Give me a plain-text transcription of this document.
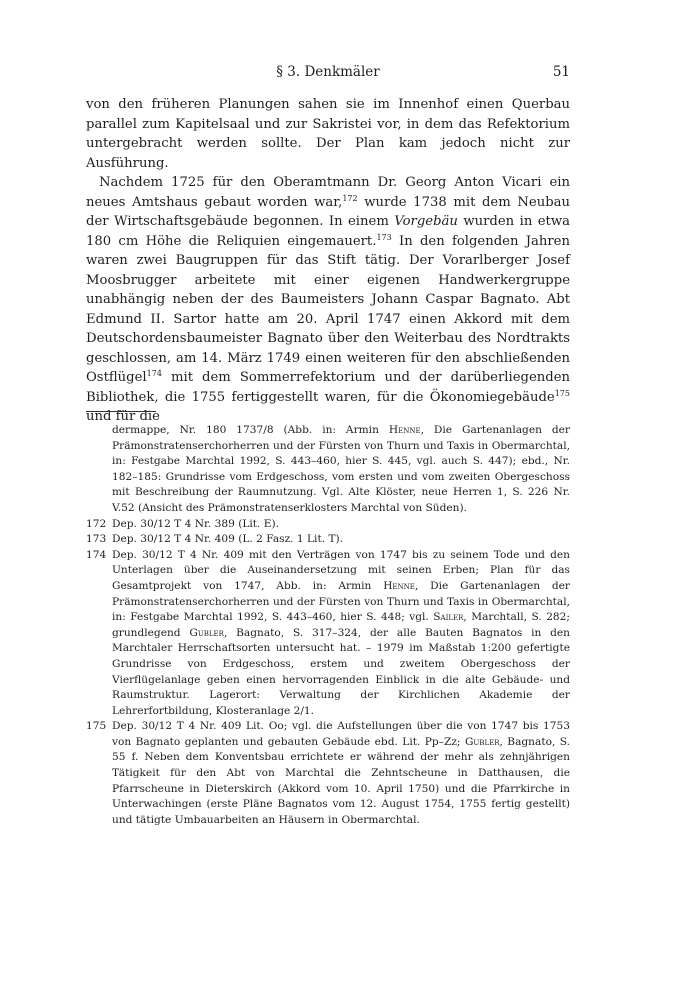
§ 3. Denkmäler	51

von den früheren Planungen sahen sie im Innenhof einen Querbau parallel zum Kapitelsaal und zur Sakristei vor, in dem das Refektorium untergebracht werden sollte. Der Plan kam jedoch nicht zur Ausführung.

Nachdem 1725 für den Oberamtmann Dr. Georg Anton Vicari ein neues Amtshaus gebaut worden war,$^{172}$ wurde 1738 mit dem Neubau der Wirtschaftsgebäude begonnen. In einem Vorgebäu wurden in etwa 180 cm Höhe die Reliquien eingemauert.$^{173}$ In den folgenden Jahren waren zwei Baugruppen für das Stift tätig. Der Vorarlberger Josef Moosbrugger arbeitete mit einer eigenen Handwerkergruppe unabhängig neben der des Baumeisters Johann Caspar Bagnato. Abt Edmund II. Sartor hatte am 20. April 1747 einen Akkord mit dem Deutschordensbaumeister Bagnato über den Weiterbau des Nordtrakts geschlossen, am 14. März 1749 einen weiteren für den abschließenden Ostflügel$^{174}$ mit dem Sommerrefektorium und der darüberliegenden Bibliothek, die 1755 fertiggestellt waren, für die Ökonomiegebäude$^{175}$ und für die

dermappe, Nr. 180 1737/8 (Abb. in: Armin Henne, Die Gartenanlagen der Prämonstratenserchorherren und der Fürsten von Thurn und Taxis in Obermarchtal, in: Festgabe Marchtal 1992, S. 443–460, hier S. 445, vgl. auch S. 447); ebd., Nr. 182–185: Grundrisse vom Erdgeschoss, vom ersten und vom zweiten Obergeschoss mit Beschreibung der Raumnutzung. Vgl. Alte Klöster, neue Herren 1, S. 226 Nr. V.52 (Ansicht des Prämonstratenserklosters Marchtal von Süden).
172 Dep. 30/12 T 4 Nr. 389 (Lit. E).
173 Dep. 30/12 T 4 Nr. 409 (L. 2 Fasz. 1 Lit. T).
174 Dep. 30/12 T 4 Nr. 409 mit den Verträgen von 1747 bis zu seinem Tode und den Unterlagen über die Auseinandersetzung mit seinen Erben; Plan für das Gesamtprojekt von 1747, Abb. in: Armin Henne, Die Gartenanlagen der Prämonstratenserchorherren und der Fürsten von Thurn und Taxis in Obermarchtal, in: Festgabe Marchtal 1992, S. 443–460, hier S. 448; vgl. Sailer, Marchtall, S. 282; grundlegend Gubler, Bagnato, S. 317–324, der alle Bauten Bagnatos in den Marchtaler Herrschaftsorten untersucht hat. – 1979 im Maßstab 1:200 gefertigte Grundrisse von Erdgeschoss, erstem und zweitem Obergeschoss der Vierflügelanlage geben einen hervorragenden Einblick in die alte Gebäude- und Raumstruktur. Lagerort: Verwaltung der Kirchlichen Akademie der Lehrerfortbildung, Klosteranlage 2/1.
175 Dep. 30/12 T 4 Nr. 409 Lit. Oo; vgl. die Aufstellungen über die von 1747 bis 1753 von Bagnato geplanten und gebauten Gebäude ebd. Lit. Pp–Zz; Gubler, Bagnato, S. 55 f. Neben dem Konventsbau errichtete er während der mehr als zehnjährigen Tätigkeit für den Abt von Marchtal die Zehntscheune in Datthausen, die Pfarrscheune in Dieterskirch (Akkord vom 10. April 1750) und die Pfarrkirche in Unterwachingen (erste Pläne Bagnatos vom 12. August 1754, 1755 fertig gestellt) und tätigte Umbauarbeiten an Häusern in Obermarchtal.
